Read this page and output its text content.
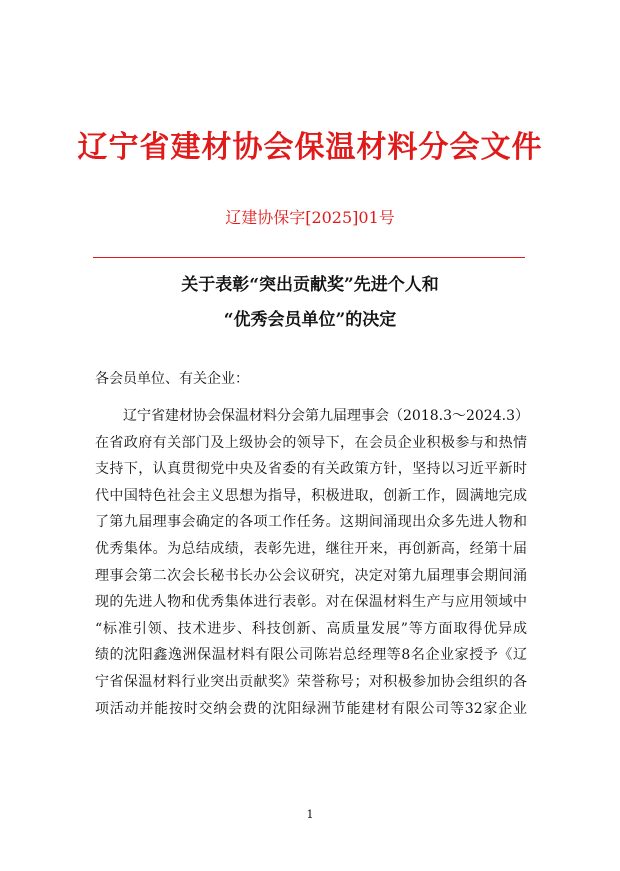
辽宁省建材协会保温材料分会文件
辽建协保字[2025]01号
关于表彰“突出贡献奖”先进个人和
“优秀会员单位”的决定
各会员单位、有关企业：
辽宁省建材协会保温材料分会第九届理事会（2018.3～2024.3）
在省政府有关部门及上级协会的领导下，在会员企业积极参与和热情
支持下，认真贯彻党中央及省委的有关政策方针，坚持以习近平新时
代中国特色社会主义思想为指导，积极进取，创新工作，圆满地完成
了第九届理事会确定的各项工作任务。这期间涌现出众多先进人物和
优秀集体。为总结成绩，表彰先进，继往开来，再创新高，经第十届
理事会第二次会长秘书长办公会议研究，决定对第九届理事会期间涌
现的先进人物和优秀集体进行表彰。对在保温材料生产与应用领域中
“标准引领、技术进步、科技创新、高质量发展”等方面取得优异成
绩的沈阳鑫逸洲保温材料有限公司陈岩总经理等8名企业家授予《辽
宁省保温材料行业突出贡献奖》荣誉称号；对积极参加协会组织的各
项活动并能按时交纳会费的沈阳绿洲节能建材有限公司等32家企业
1
